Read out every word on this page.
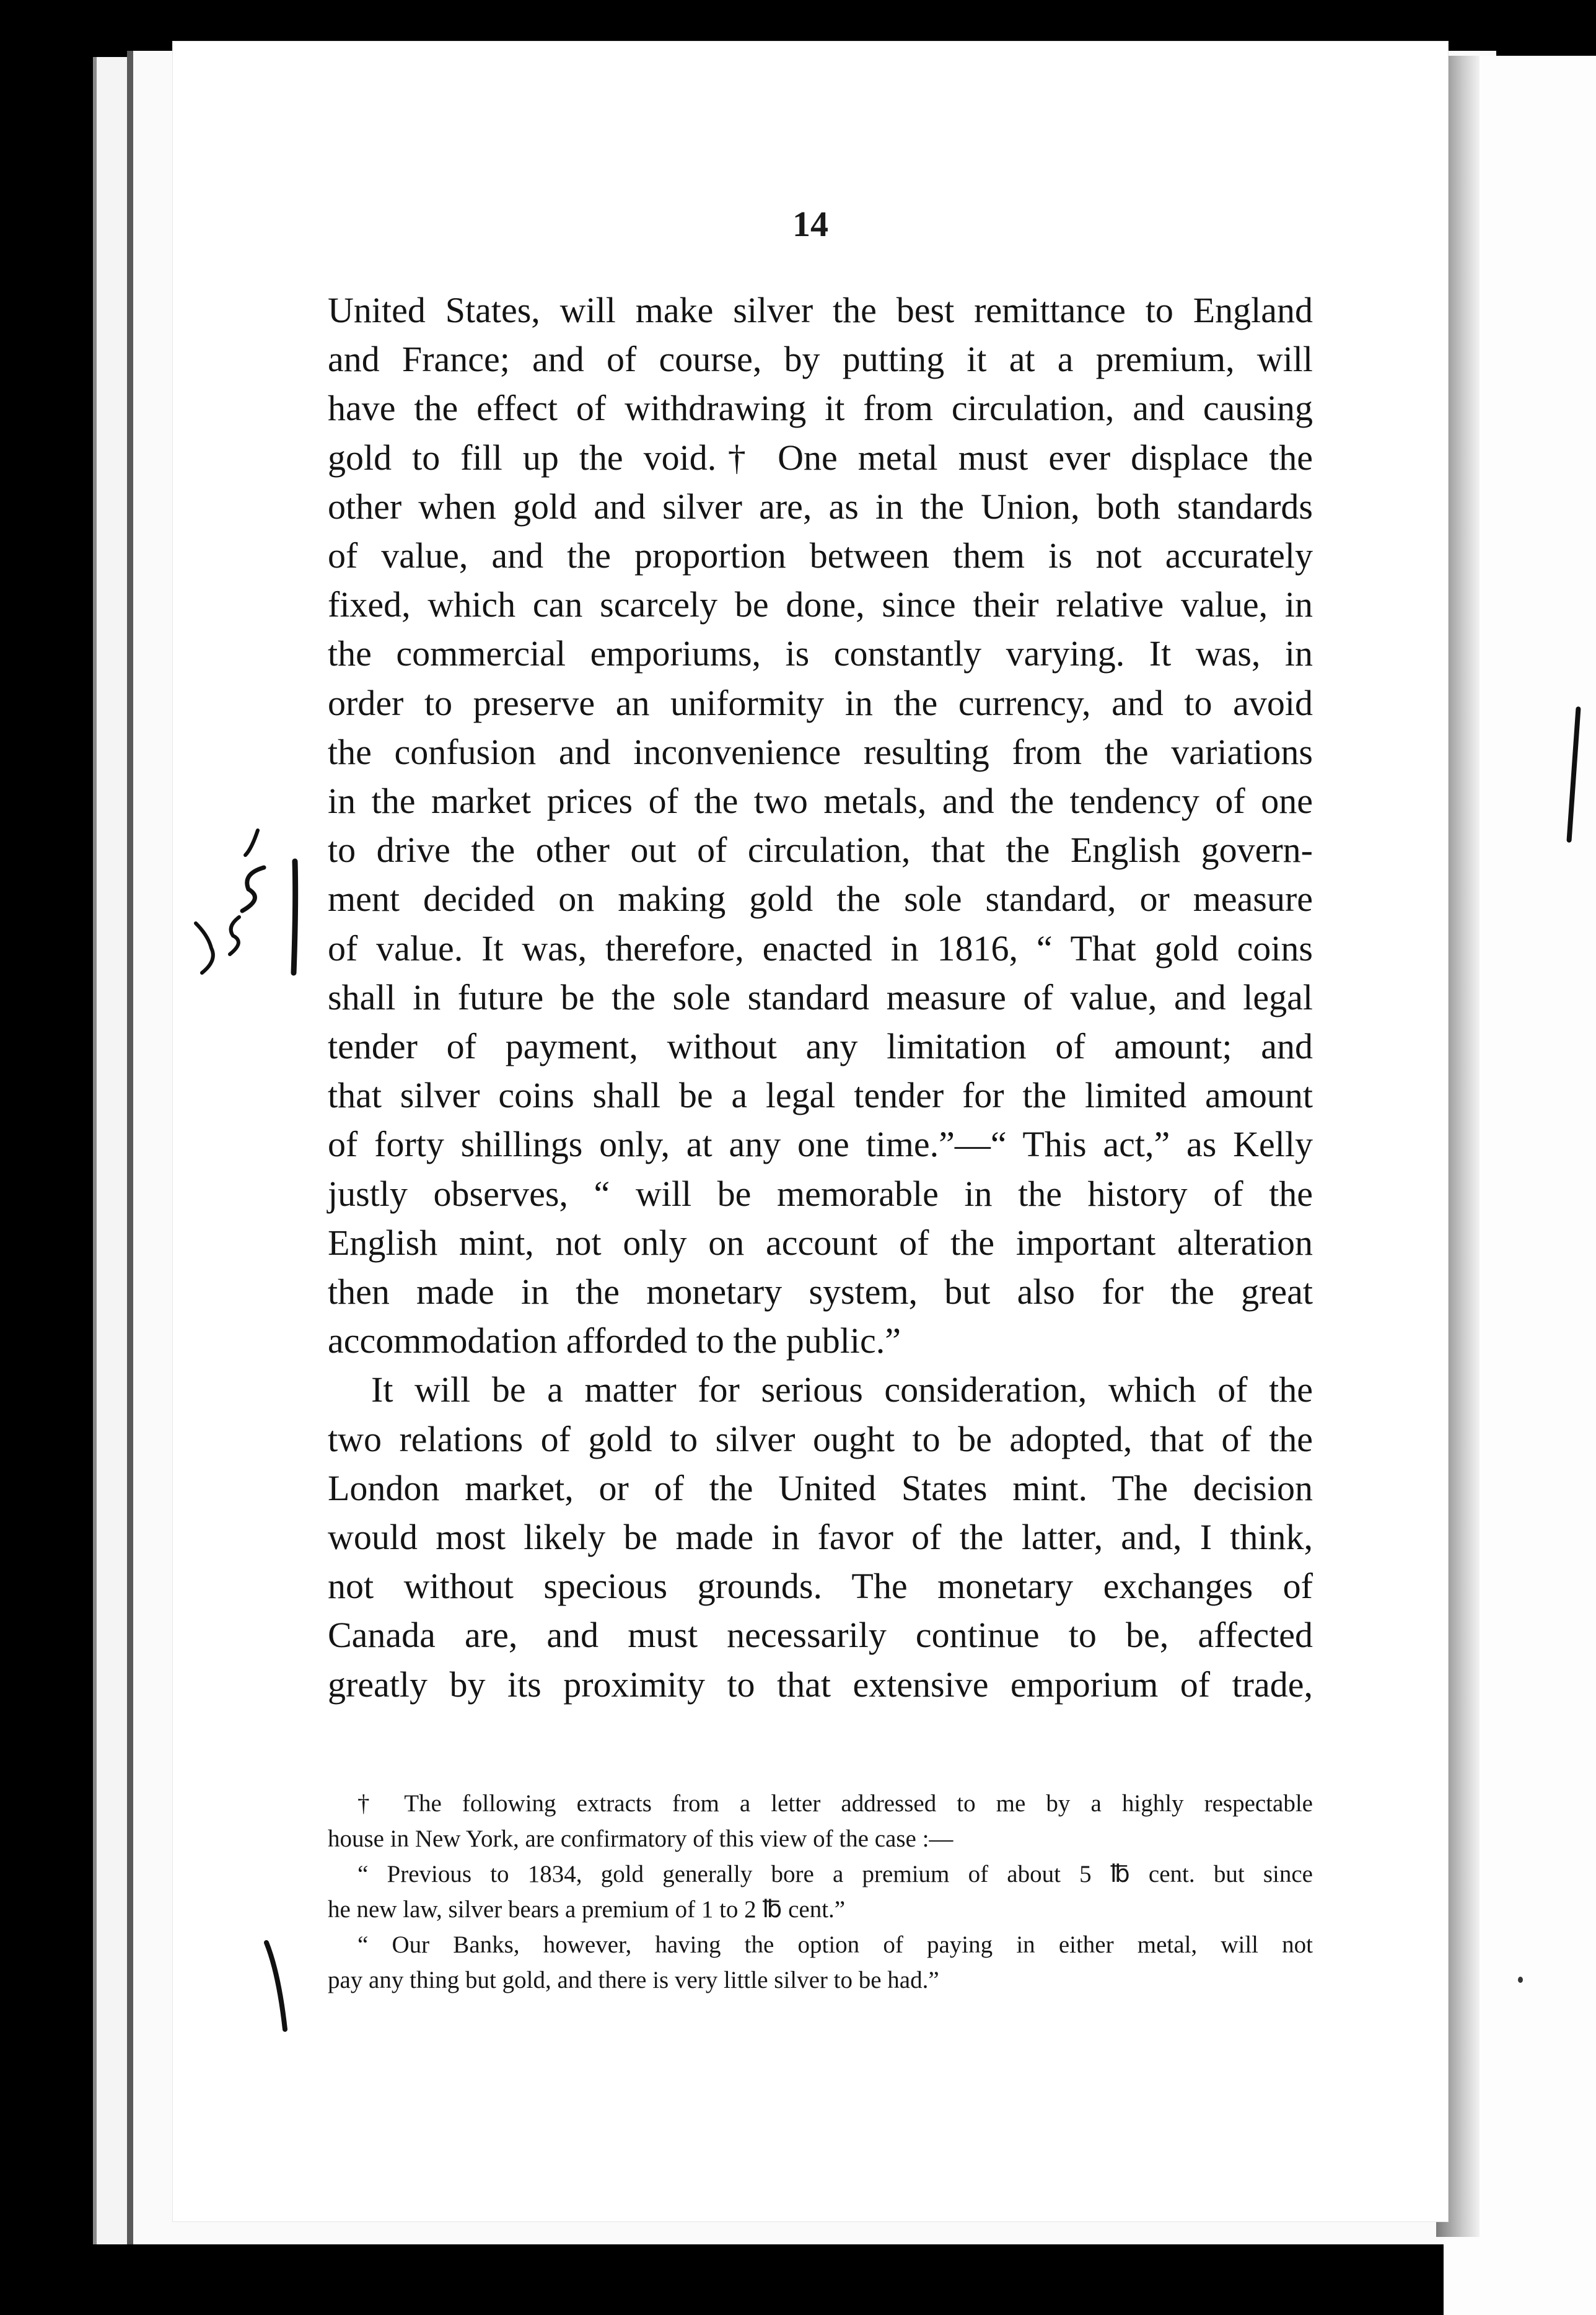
14
United States, will make silver the best remittance to England
and France; and of course, by putting it at a premium, will
have the effect of withdrawing it from circulation, and causing
gold to fill up the void.† One metal must ever displace the
other when gold and silver are, as in the Union, both standards
of value, and the proportion between them is not accurately
fixed, which can scarcely be done, since their relative value, in
the commercial emporiums, is constantly varying. It was, in
order to preserve an uniformity in the currency, and to avoid
the confusion and inconvenience resulting from the variations
in the market prices of the two metals, and the tendency of one
to drive the other out of circulation, that the English govern-
ment decided on making gold the sole standard, or measure
of value. It was, therefore, enacted in 1816, “ That gold coins
shall in future be the sole standard measure of value, and legal
tender of payment, without any limitation of amount; and
that silver coins shall be a legal tender for the limited amount
of forty shillings only, at any one time.”—“ This act,” as Kelly
justly observes, “ will be memorable in the history of the
English mint, not only on account of the important alteration
then made in the monetary system, but also for the great
accommodation afforded to the public.”
It will be a matter for serious consideration, which of the
two relations of gold to silver ought to be adopted, that of the
London market, or of the United States mint. The decision
would most likely be made in favor of the latter, and, I think,
not without specious grounds. The monetary exchanges of
Canada are, and must necessarily continue to be, affected
greatly by its proximity to that extensive emporium of trade,
† The following extracts from a letter addressed to me by a highly respectable
house in New York, are confirmatory of this view of the case :—
“ Previous to 1834, gold generally bore a premium of about 5 ℔ cent. but since
he new law, silver bears a premium of 1 to 2 ℔ cent.”
“ Our Banks, however, having the option of paying in either metal, will not
pay any thing but gold, and there is very little silver to be had.”
